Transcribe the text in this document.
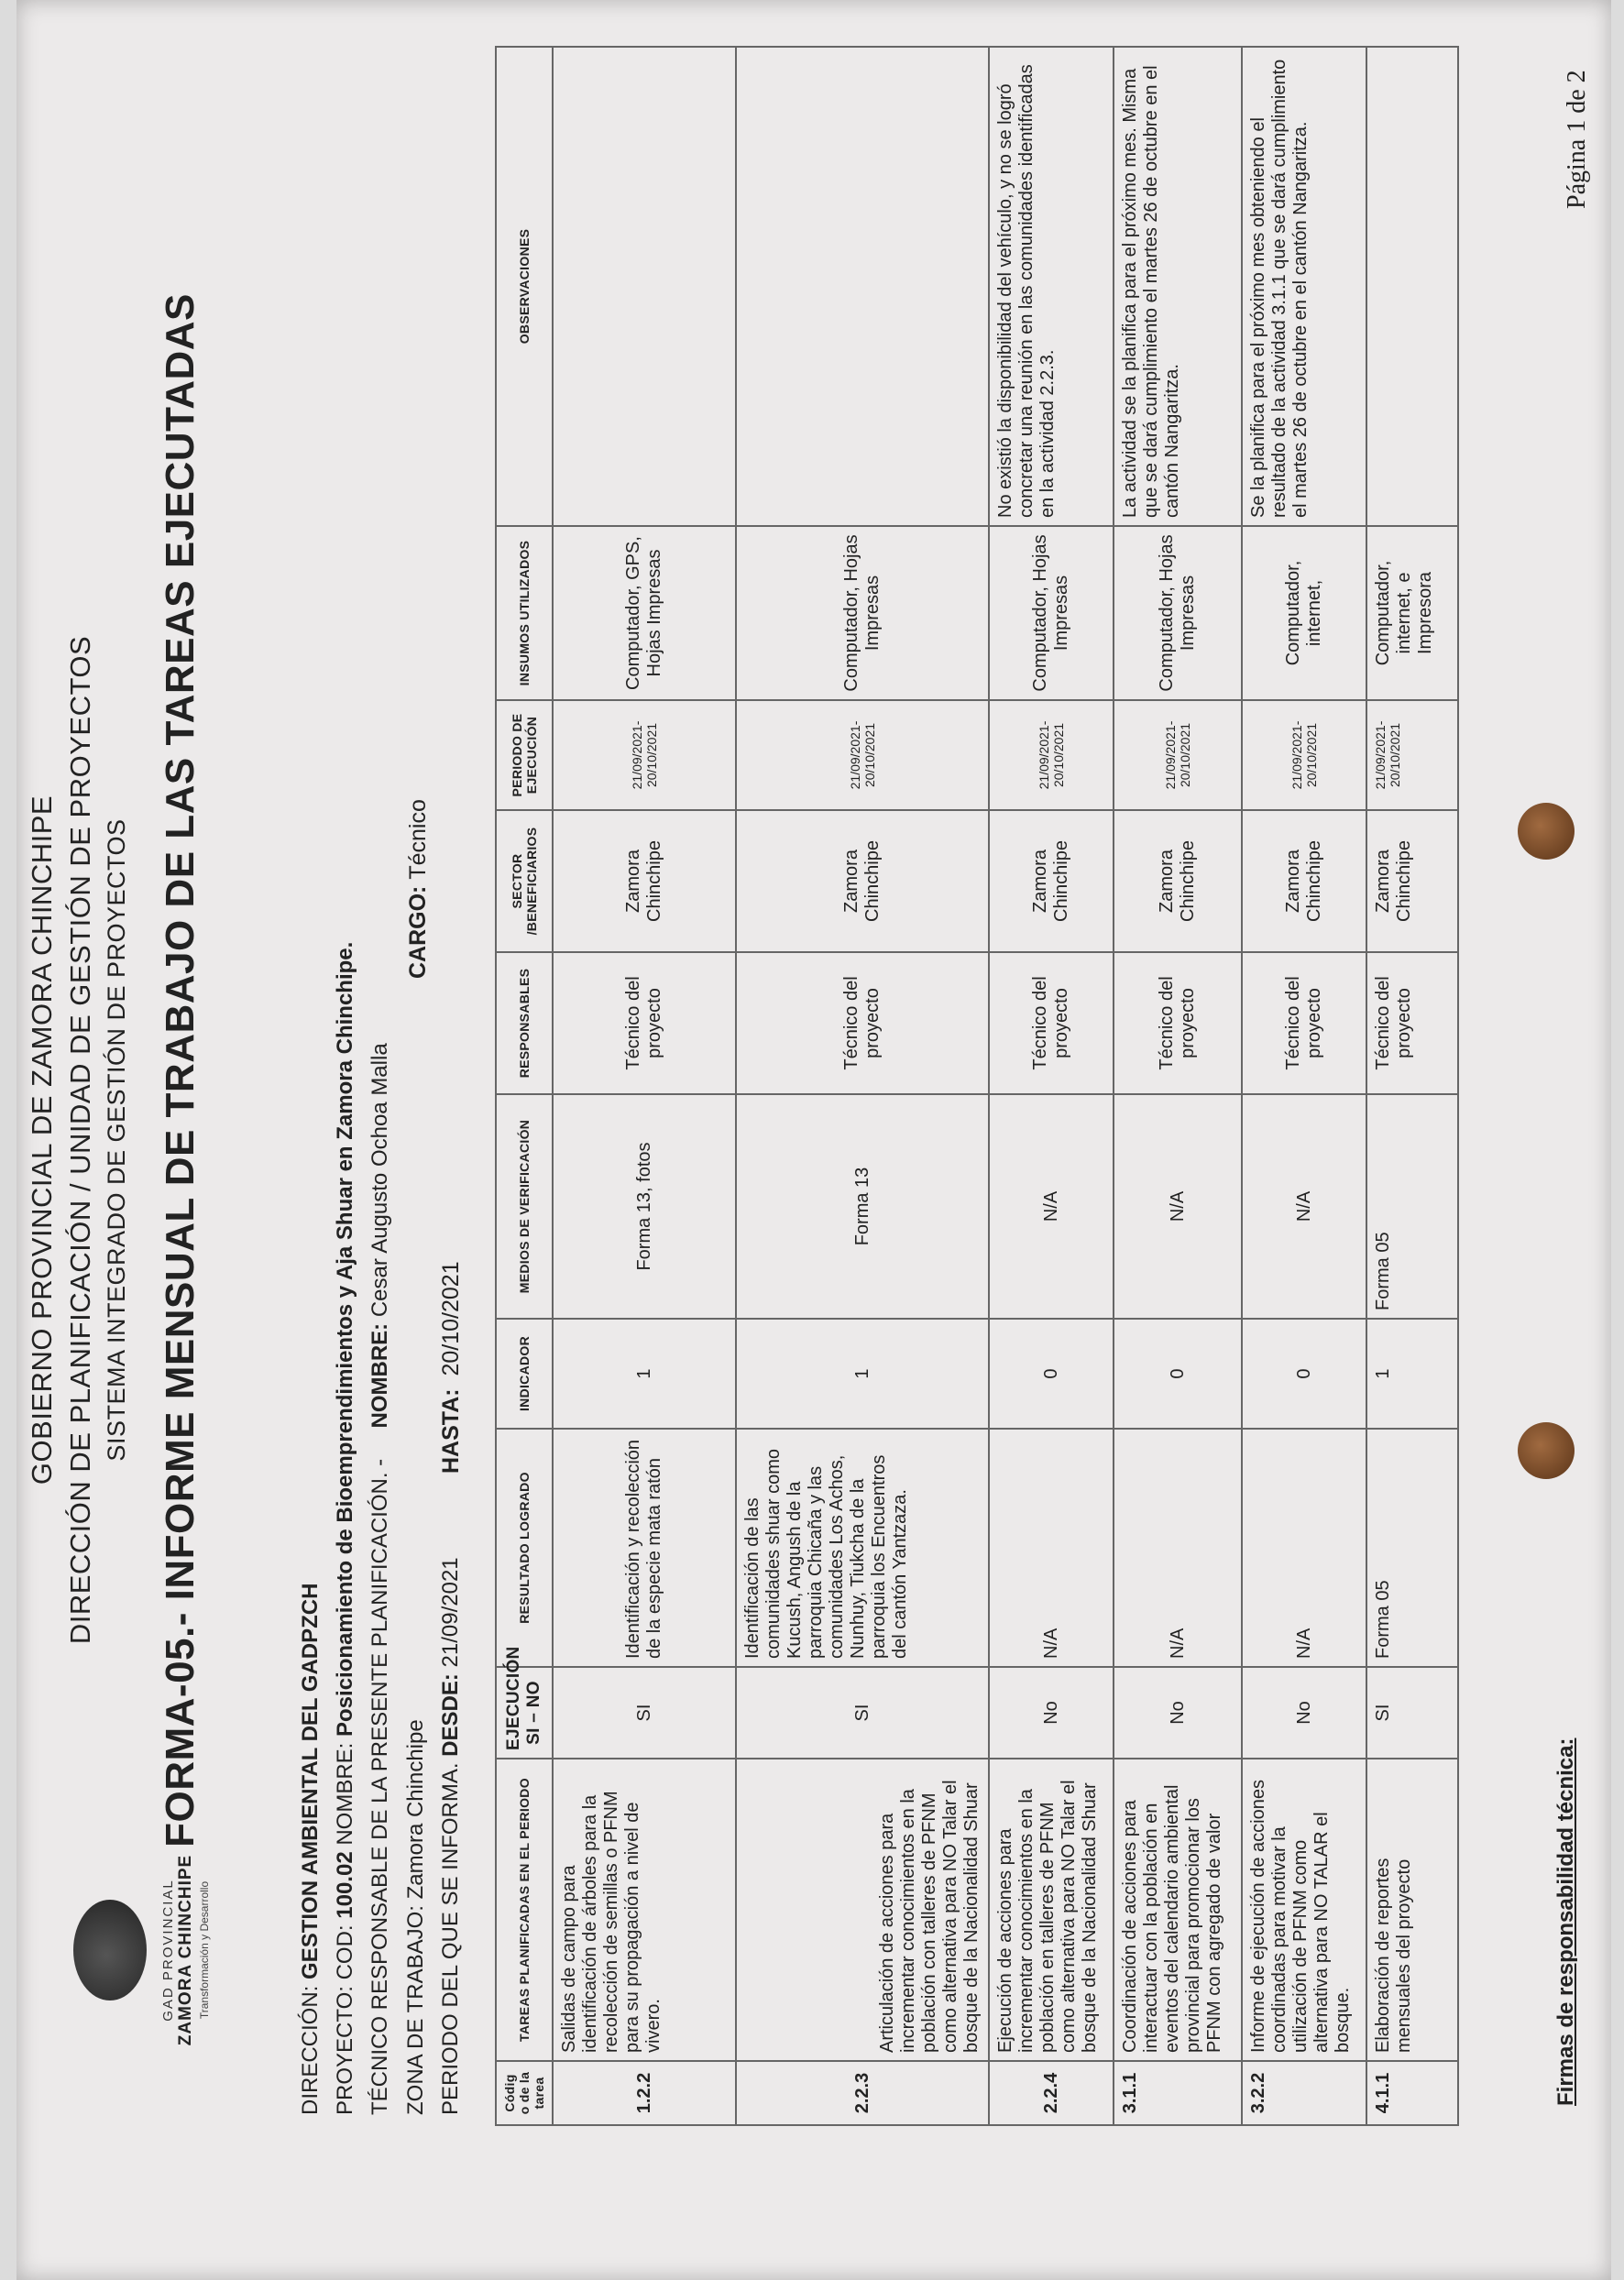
GOBIERNO PROVINCIAL DE ZAMORA CHINCHIPE DIRECCIÓN DE PLANIFICACIÓN / UNIDAD DE GESTIÓN DE PROYECTOS SISTEMA INTEGRADO DE GESTIÓN DE PROYECTOS
GAD PROVINCIAL ZAMORA CHINCHIPE Transformación y Desarrollo
FORMA-05.- INFORME MENSUAL DE TRABAJO DE LAS TAREAS EJECUTADAS
DIRECCIÓN: GESTION AMBIENTAL DEL GADPZCH
PROYECTO: COD: 100.02 NOMBRE: Posicionamiento de Bioemprendimientos y Aja Shuar en Zamora Chinchipe.
TÉCNICO RESPONSABLE DE LA PRESENTE PLANIFICACIÓN. -     NOMBRE: Cesar Augusto Ochoa Malla
ZONA DE TRABAJO: Zamora Chinchipe
CARGO: Técnico
PERIODO DEL QUE SE INFORMA. DESDE: 21/09/2021
HASTA:  20/10/2021
Códig o de la tarea	TAREAS PLANIFICADAS EN EL PERIODO	EJECUCIÓN SI – NO	RESULTADO LOGRADO	INDICADOR	MEDIOS DE VERIFICACIÓN	RESPONSABLES	SECTOR /BENEFICIARIOS	PERIODO DE EJECUCIÓN	INSUMOS UTILIZADOS	OBSERVACIONES
1.2.2	Salidas de campo para identificación de árboles para la recolección de semillas o PFNM para su propagación a nivel de vivero.	SI	Identificación y recolección de la especie mata ratón	1	Forma 13, fotos	Técnico del proyecto	Zamora Chinchipe	21/09/2021-20/10/2021	Computador, GPS, Hojas Impresas	
2.2.3	Articulación de acciones para incrementar conocimientos en la población con talleres de PFNM como alternativa para NO Talar el bosque de la Nacionalidad Shuar	SI	Identificación de las comunidades shuar como Kucush, Angush de la parroquia Chicaña y las comunidades Los Achos, Nunhuy, Tiukcha de la parroquia los Encuentros del cantón Yantzaza.	1	Forma 13	Técnico del proyecto	Zamora Chinchipe	21/09/2021-20/10/2021	Computador, Hojas Impresas	
2.2.4	Ejecución de acciones para incrementar conocimientos en la población en talleres de PFNM como alternativa para NO Talar el bosque de la Nacionalidad Shuar	No	N/A	0	N/A	Técnico del proyecto	Zamora Chinchipe	21/09/2021-20/10/2021	Computador, Hojas Impresas	No existió la disponibilidad del vehículo, y no se logró concretar una reunión en las comunidades identificadas en la actividad 2.2.3.
3.1.1	Coordinación de acciones para interactuar con la población en eventos del calendario ambiental provincial para promocionar los PFNM con agregado de valor	No	N/A	0	N/A	Técnico del proyecto	Zamora Chinchipe	21/09/2021-20/10/2021	Computador, Hojas Impresas	La actividad se la planifica para el próximo mes. Misma que se dará cumplimiento el martes 26 de octubre en el cantón Nangaritza.
3.2.2	Informe de ejecución de acciones coordinadas para motivar la utilización de PFNM como alternativa para NO TALAR el bosque.	No	N/A	0	N/A	Técnico del proyecto	Zamora Chinchipe	21/09/2021-20/10/2021	Computador, internet,	Se la planifica para el próximo mes obteniendo el resultado de la actividad 3.1.1 que se dará cumplimiento el martes 26 de octubre en el cantón Nangaritza.
4.1.1	Elaboración de reportes mensuales del proyecto	SI	Forma 05	1	Forma 05	Técnico del proyecto	Zamora Chinchipe	21/09/2021-20/10/2021	Computador, internet, e Impresora	
Firmas de responsabilidad técnica:
Página 1 de 2
